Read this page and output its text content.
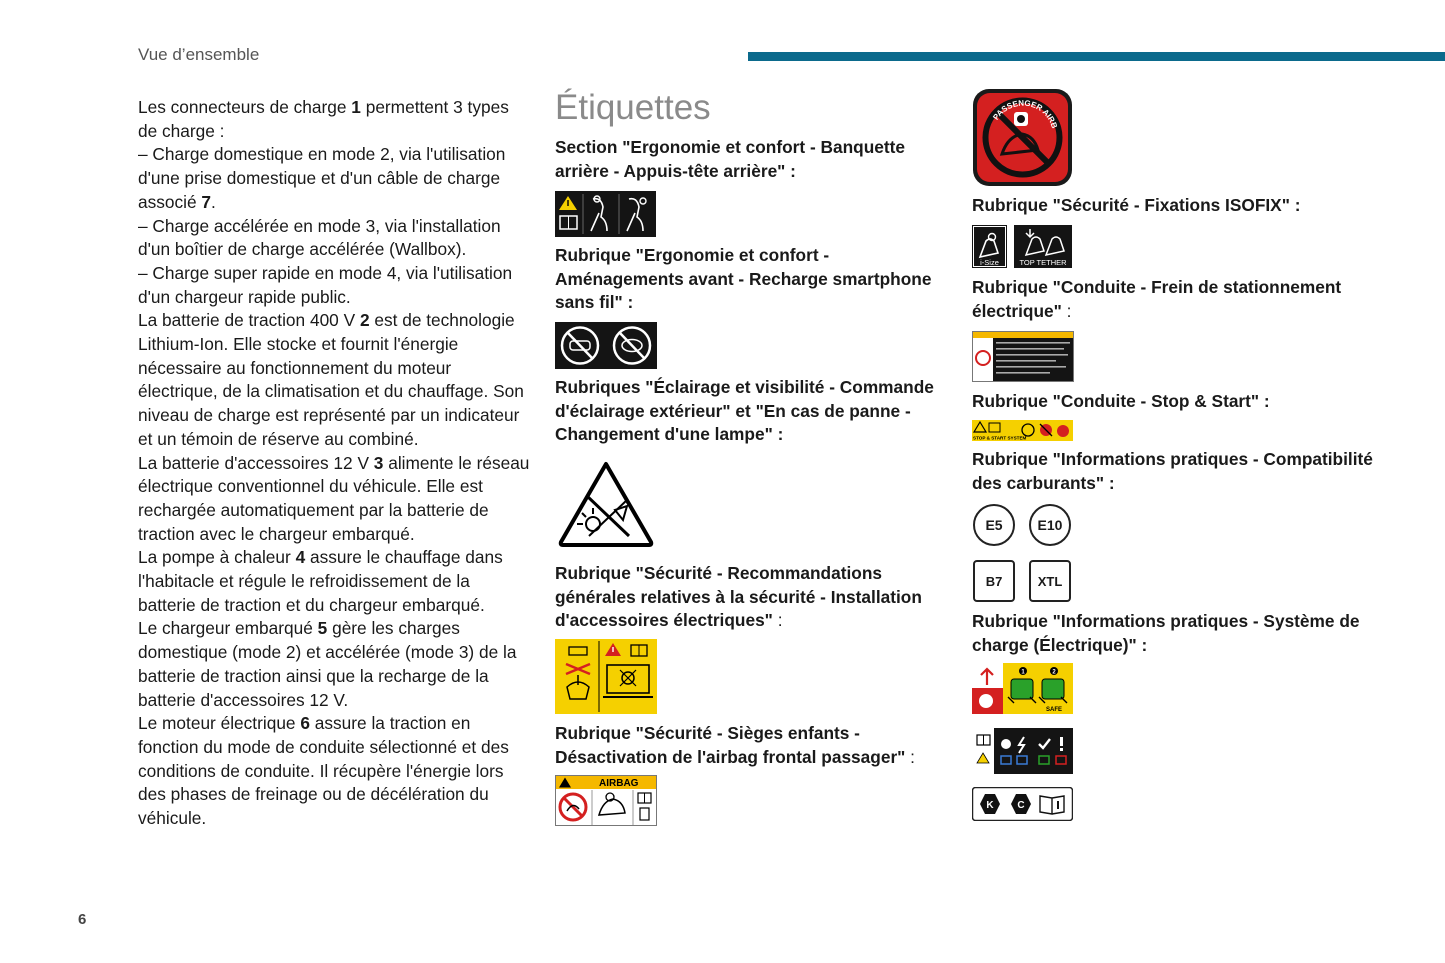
Vue d’ensemble
6

Les connecteurs de charge 1 permettent 3 types de charge :

– Charge domestique en mode 2, via l'utilisation d'une prise domestique et d'un câble de charge associé 7.

– Charge accélérée en mode 3, via l'installation d'un boîtier de charge accélérée (Wallbox).

– Charge super rapide en mode 4, via l'utilisation d'un chargeur rapide public.

La batterie de traction 400 V 2 est de technologie Lithium-Ion. Elle stocke et fournit l'énergie nécessaire au fonctionnement du moteur électrique, de la climatisation et du chauffage. Son niveau de charge est représenté par un indicateur et un témoin de réserve au combiné.

La batterie d'accessoires 12 V 3 alimente le réseau électrique conventionnel du véhicule. Elle est rechargée automatiquement par la batterie de traction avec le chargeur embarqué.

La pompe à chaleur 4 assure le chauffage dans l'habitacle et régule le refroidissement de la batterie de traction et du chargeur embarqué.

Le chargeur embarqué 5 gère les charges domestique (mode 2) et accélérée (mode 3) de la batterie de traction ainsi que la recharge de la batterie d'accessoires 12 V.

Le moteur électrique 6 assure la traction en fonction du mode de conduite sélectionné et des conditions de conduite. Il récupère l'énergie lors des phases de freinage ou de décélération du véhicule.

Étiquettes

Section "Ergonomie et confort - Banquette arrière - Appuis-tête arrière" :

Rubrique "Ergonomie et confort - Aménagements avant - Recharge smartphone sans fil" :

Rubriques "Éclairage et visibilité - Commande d'éclairage extérieur" et "En cas de panne - Changement d'une lampe" :

Rubrique "Sécurité - Recommandations générales relatives à la sécurité - Installation d'accessoires électriques" :

Rubrique "Sécurité - Sièges enfants - Désactivation de l'airbag frontal passager" :

AIRBAG
PASSENGER AIRB

Rubrique "Sécurité - Fixations ISOFIX" :

i-Size	TOP TETHER

Rubrique "Conduite - Frein de stationnement électrique" :

Rubrique "Conduite - Stop & Start" :

STOP & START SYSTEM

Rubrique "Informations pratiques - Compatibilité des carburants" :

E5	E10
B7	XTL

Rubrique "Informations pratiques - Système de charge (Électrique)" :

1	2
SAFE
K C
